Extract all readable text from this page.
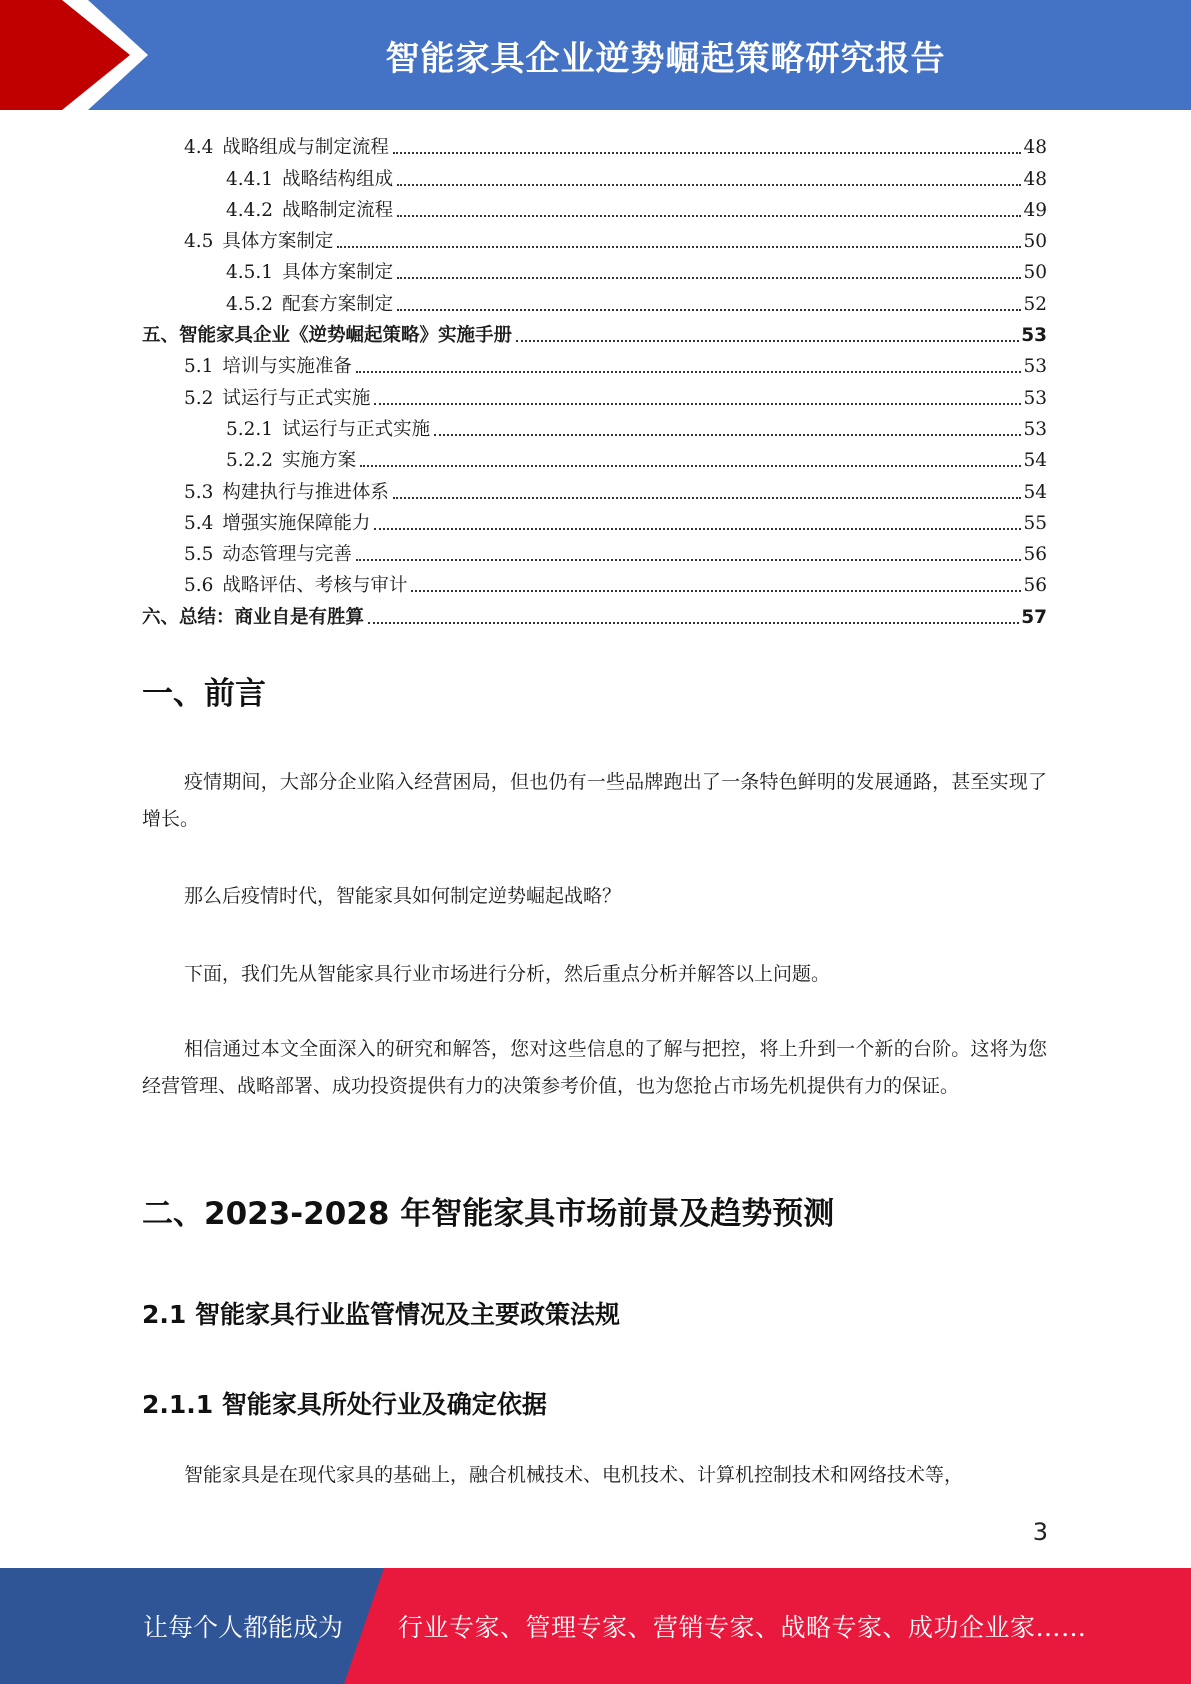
智能家具企业逆势崛起策略研究报告
4.4 战略组成与制定流程	48
4.4.1 战略结构组成	48
4.4.2 战略制定流程	49
4.5 具体方案制定	50
4.5.1 具体方案制定	50
4.5.2 配套方案制定	52
五、智能家具企业《逆势崛起策略》实施手册	53
5.1 培训与实施准备	53
5.2 试运行与正式实施	53
5.2.1 试运行与正式实施	53
5.2.2 实施方案	54
5.3 构建执行与推进体系	54
5.4 增强实施保障能力	55
5.5 动态管理与完善	56
5.6 战略评估、考核与审计	56
六、总结：商业自是有胜算	57
一、前言

疫情期间，大部分企业陷入经营困局，但也仍有一些品牌跑出了一条特色鲜明的发展通路，甚至实现了增长。

那么后疫情时代，智能家具如何制定逆势崛起战略？

下面，我们先从智能家具行业市场进行分析，然后重点分析并解答以上问题。

相信通过本文全面深入的研究和解答，您对这些信息的了解与把控，将上升到一个新的台阶。这将为您经营管理、战略部署、成功投资提供有力的决策参考价值，也为您抢占市场先机提供有力的保证。

二、2023-2028 年智能家具市场前景及趋势预测
2.1 智能家具行业监管情况及主要政策法规
2.1.1 智能家具所处行业及确定依据

智能家具是在现代家具的基础上，融合机械技术、电机技术、计算机控制技术和网络技术等，

3
让每个人都能成为 行业专家、管理专家、营销专家、战略专家、成功企业家……
